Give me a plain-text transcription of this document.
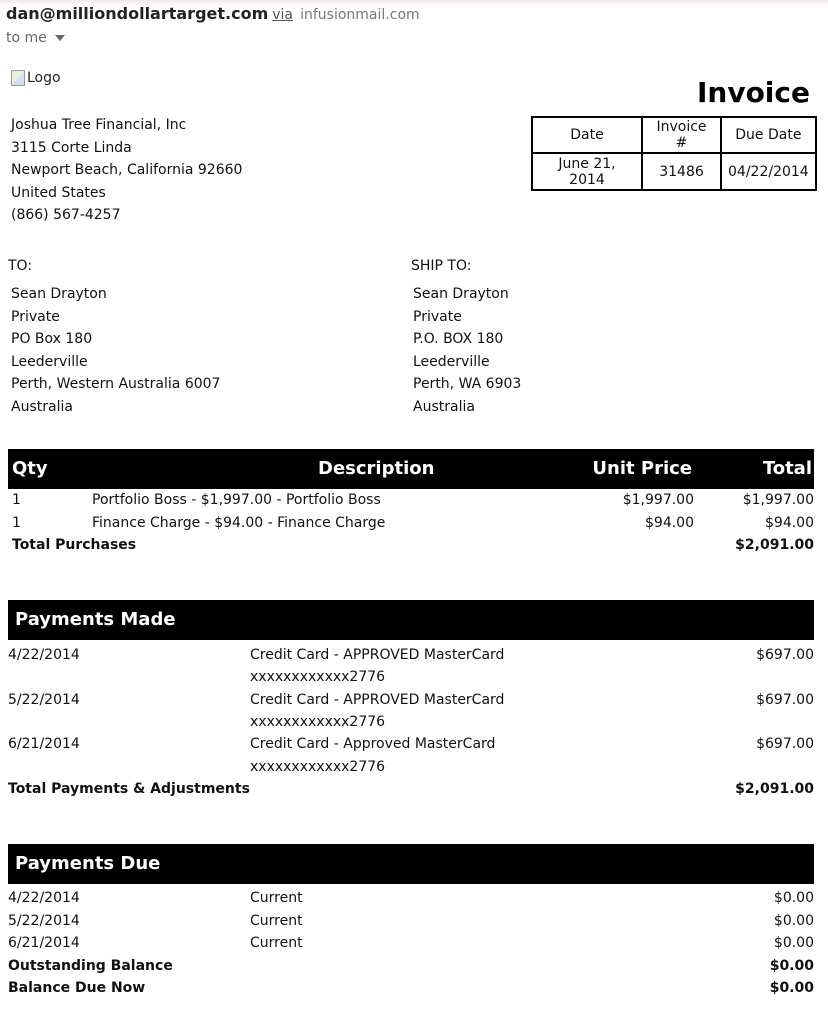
dan@milliondollartarget.com via infusionmail.com
to me
Logo	Invoice
Joshua Tree Financial, Inc
3115 Corte Linda
Newport Beach, California 92660
United States
(866) 567-4257
Date	Invoice #	Due Date
June 21, 2014	31486	04/22/2014
TO:
Sean Drayton
Private
PO Box 180
Leederville
Perth, Western Australia 6007
Australia
SHIP TO:
Sean Drayton
Private
P.O. BOX 180
Leederville
Perth, WA 6903
Australia
Qty	Description	Unit Price	Total
1	Portfolio Boss - $1,997.00 - Portfolio Boss	$1,997.00	$1,997.00
1	Finance Charge - $94.00 - Finance Charge	$94.00	$94.00
Total Purchases	$2,091.00
Payments Made
4/22/2014	Credit Card - APPROVED MasterCard	$697.00
xxxxxxxxxxxx2776
5/22/2014	Credit Card - APPROVED MasterCard	$697.00
xxxxxxxxxxxx2776
6/21/2014	Credit Card - Approved MasterCard	$697.00
xxxxxxxxxxxx2776
Total Payments & Adjustments	$2,091.00
Payments Due
4/22/2014	Current	$0.00
5/22/2014	Current	$0.00
6/21/2014	Current	$0.00
Outstanding Balance	$0.00
Balance Due Now	$0.00
